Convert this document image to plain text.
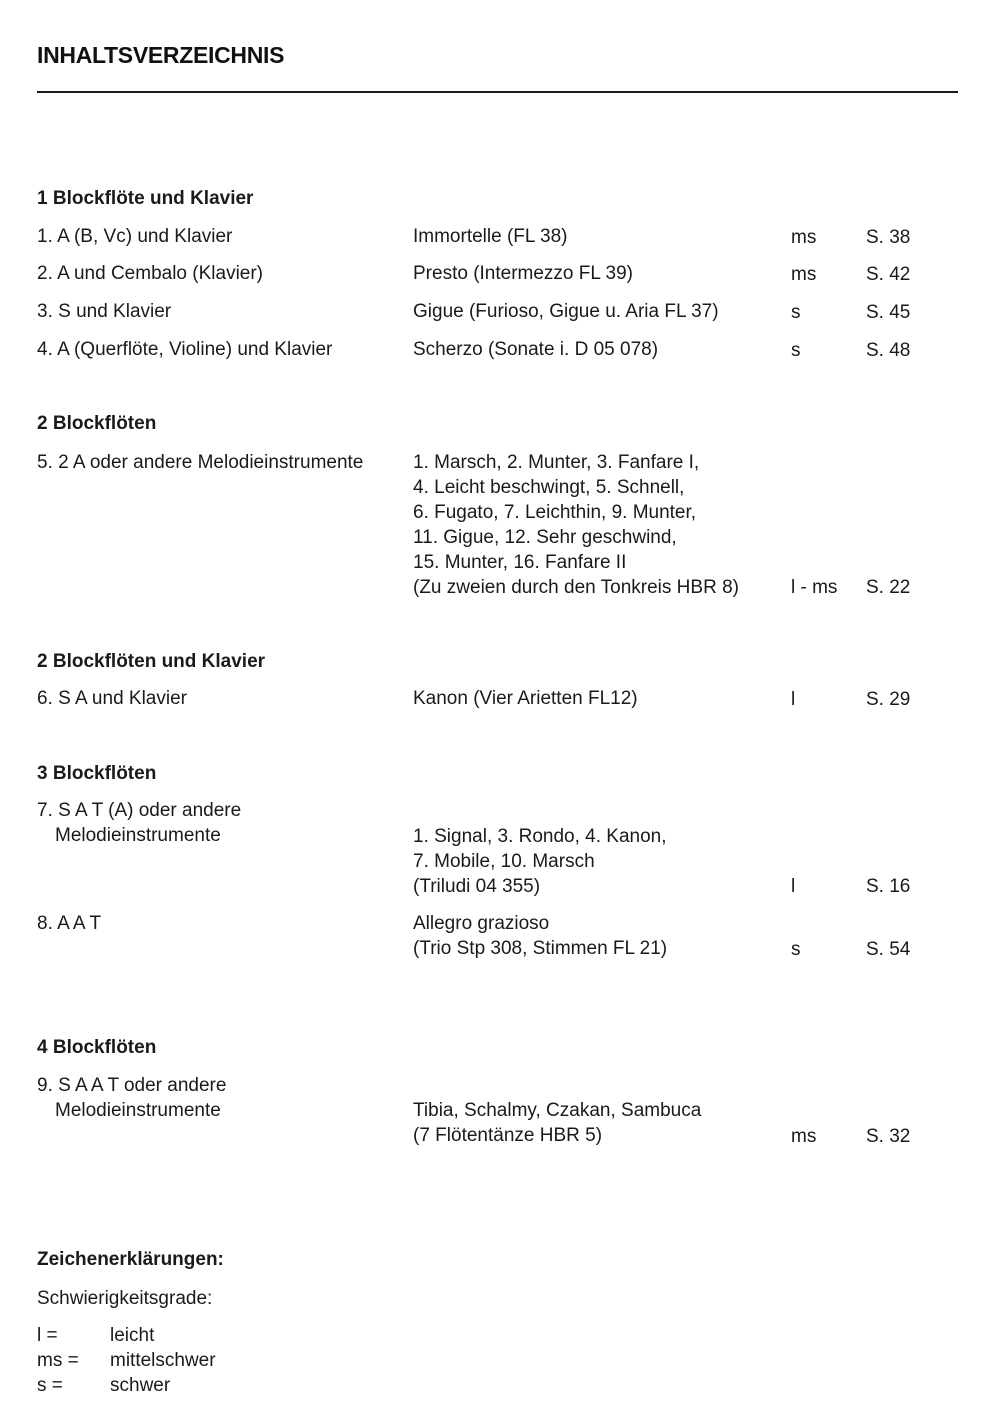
INHALTSVERZEICHNIS
1 Blockflöte und Klavier
1. A (B, Vc) und Klavier	Immortelle (FL 38)	ms	S. 38
2. A und Cembalo (Klavier)	Presto (Intermezzo FL 39)	ms	S. 42
3. S und Klavier	Gigue (Furioso, Gigue u. Aria FL 37)	s	S. 45
4. A (Querflöte, Violine) und Klavier	Scherzo (Sonate i. D 05 078)	s	S. 48
2 Blockflöten
5. 2 A oder andere Melodieinstrumente	1. Marsch, 2. Munter, 3. Fanfare I,
4. Leicht beschwingt, 5. Schnell,
6. Fugato, 7. Leichthin, 9. Munter,
11. Gigue, 12. Sehr geschwind,
15. Munter, 16. Fanfare II
(Zu zweien durch den Tonkreis HBR 8)	l - ms S. 22
2 Blockflöten und Klavier
6. S A und Klavier	Kanon (Vier Arietten FL12)	l	S. 29
3 Blockflöten
7. S A T (A) oder andere
Melodieinstrumente	1. Signal, 3. Rondo, 4. Kanon,
7. Mobile, 10. Marsch
(Triludi 04 355)	l	S. 16
8. A A T	Allegro grazioso
(Trio Stp 308, Stimmen FL 21)	s	S. 54
4 Blockflöten
9. S A A T oder andere
Melodieinstrumente	Tibia, Schalmy, Czakan, Sambuca
(7 Flötentänze HBR 5)	ms	S. 32
Zeichenerklärungen:
Schwierigkeitsgrade:
l =	leicht
ms = mittelschwer
s = schwer
